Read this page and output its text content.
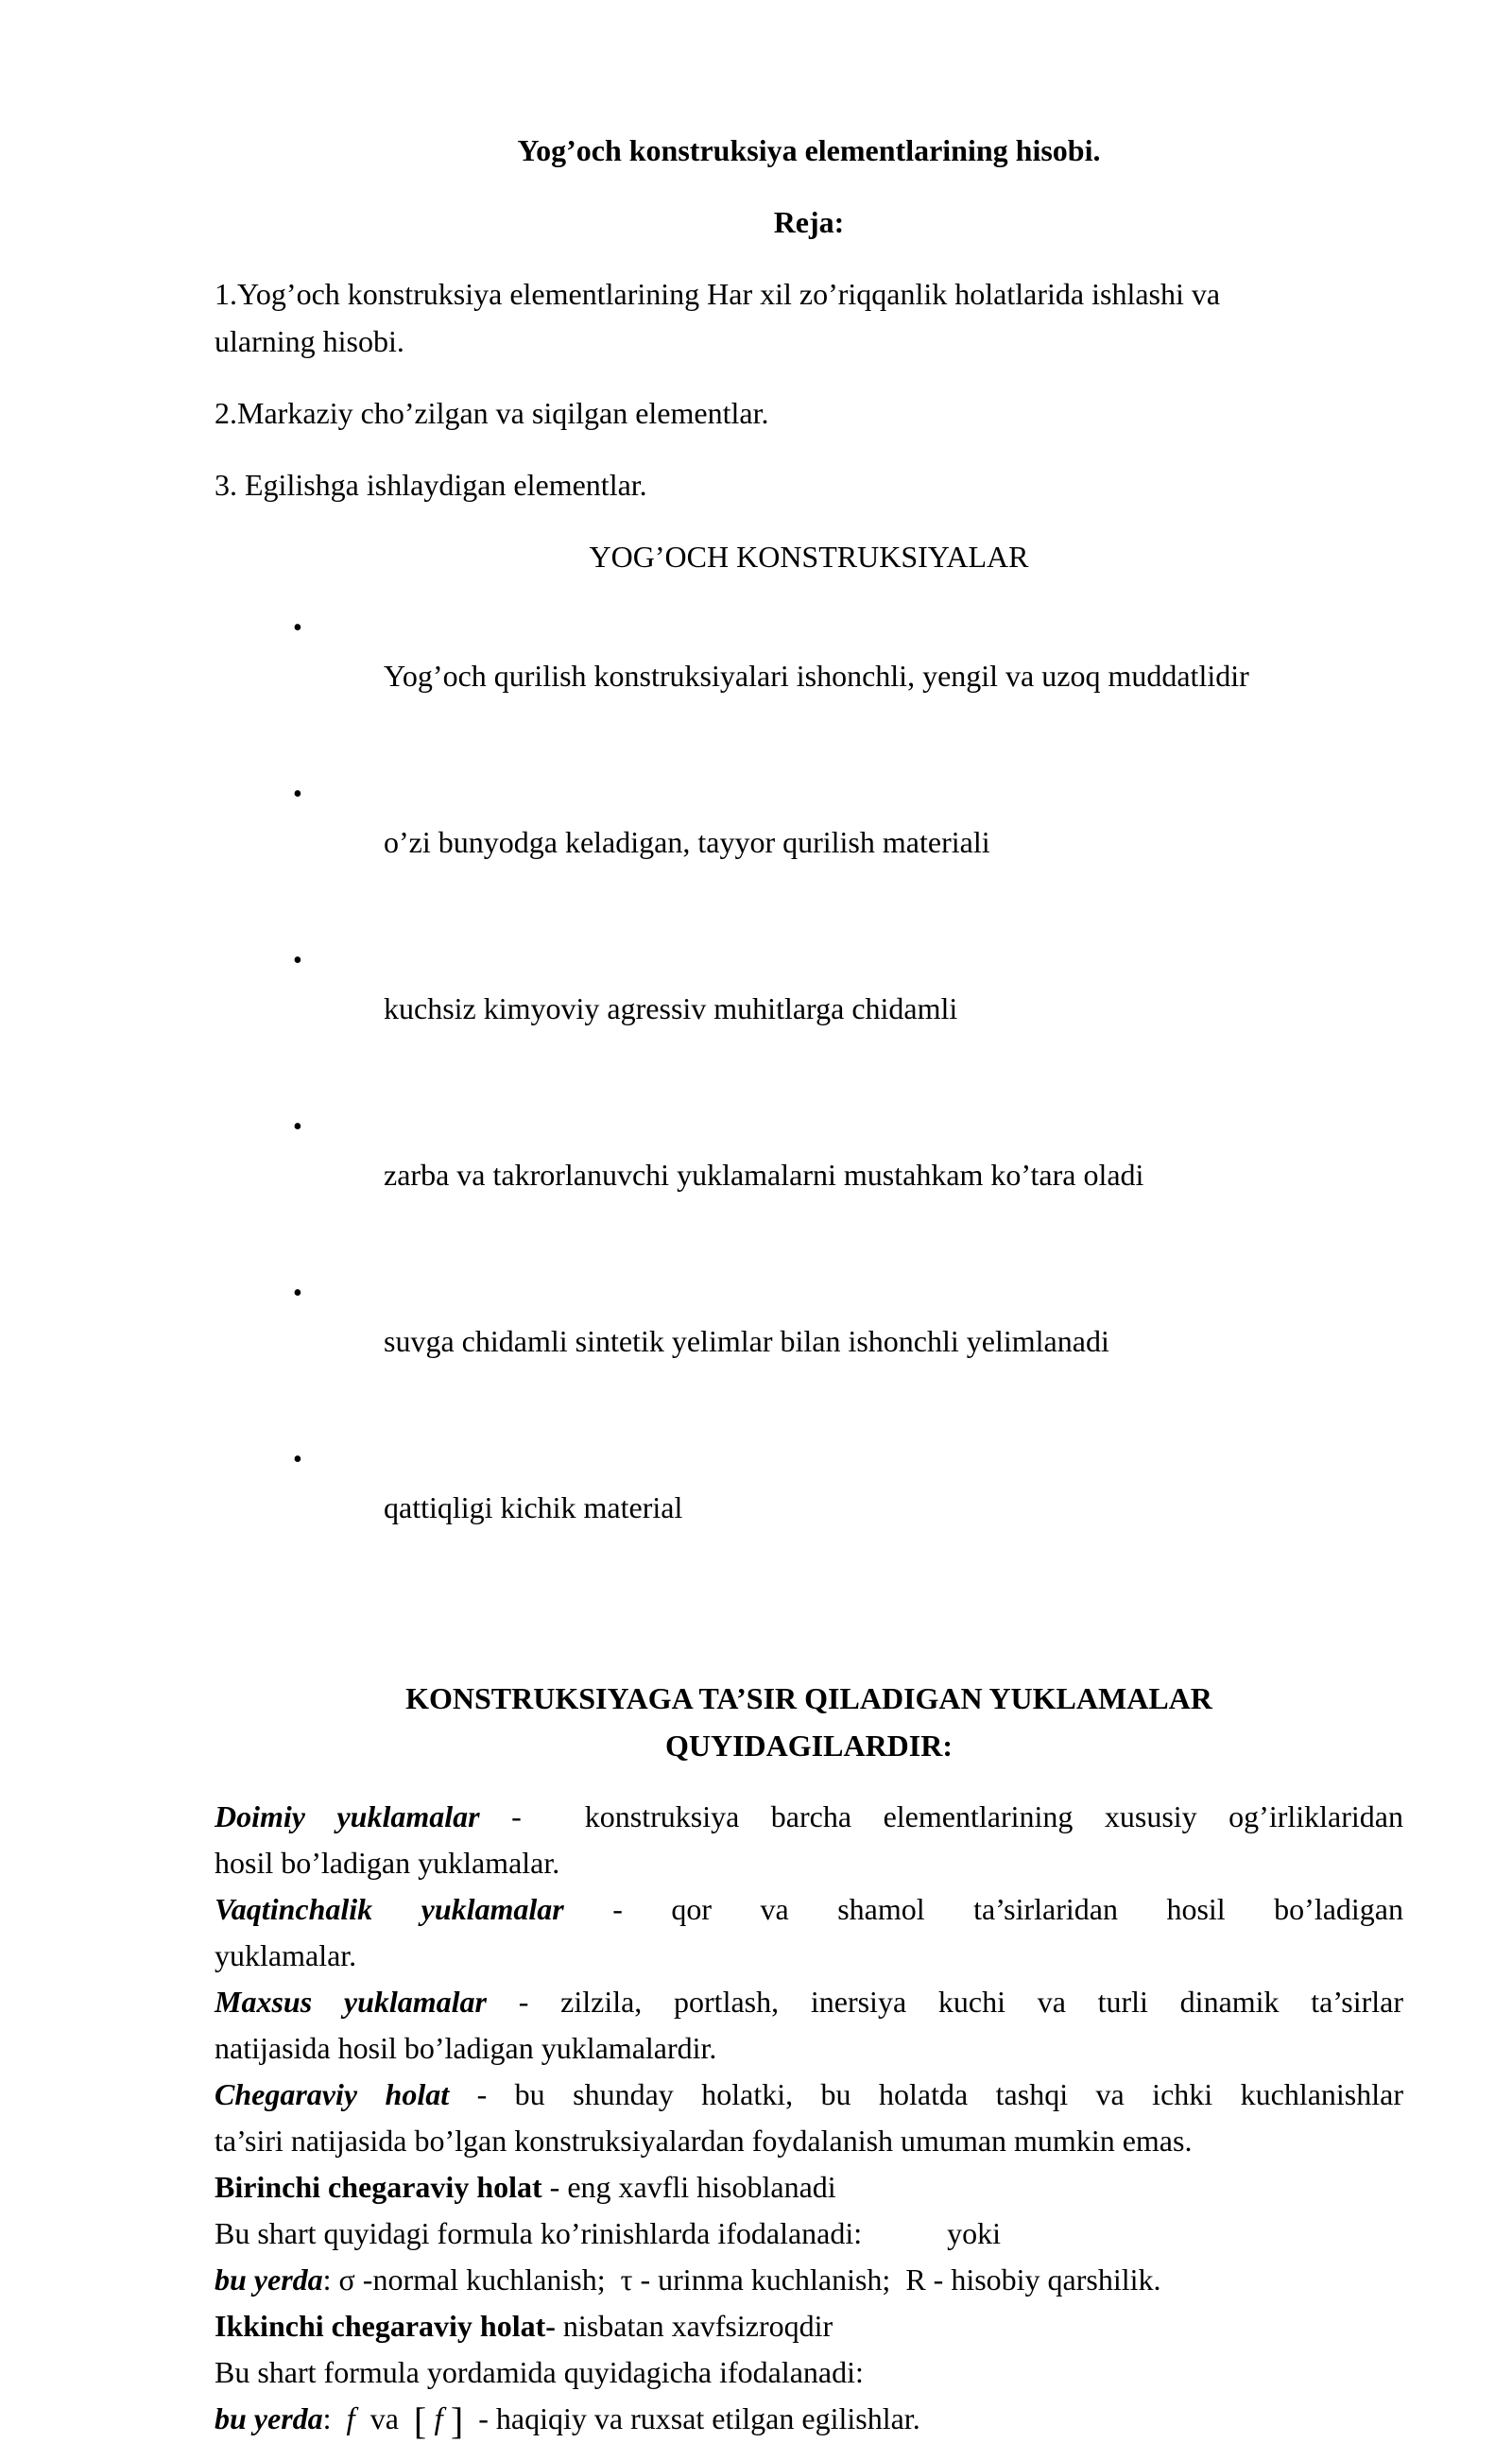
Yog’och konstruksiya elementlarining hisobi.
Reja:
1.Yog’och konstruksiya elementlarining Har xil zo’riqqanlik holatlarida ishlashi va
ularning hisobi.
2.Markaziy cho’zilgan va siqilgan elementlar.
3. Egilishga ishlaydigan elementlar.
YOG’OCH KONSTRUKSIYALAR

•
Yog’och qurilish konstruksiyalari ishonchli, yengil va uzoq muddatlidir

•
o’zi bunyodga keladigan, tayyor qurilish materiali

•
kuchsiz kimyoviy agressiv muhitlarga chidamli

•
zarba va takrorlanuvchi yuklamalarni mustahkam ko’tara oladi

•
suvga chidamli sintetik yelimlar bilan ishonchli yelimlanadi

•
qattiqligi kichik material

KONSTRUKSIYAGA TA’SIR QILADIGAN YUKLAMALAR
QUYIDAGILARDIR:
Doimiy yuklamalar -  konstruksiya barcha elementlarining xususiy og’irliklaridan
hosil bo’ladigan yuklamalar.
Vaqtinchalik yuklamalar - qor va shamol ta’sirlaridan hosil bo’ladigan
yuklamalar.
Maxsus yuklamalar - zilzila, portlash, inersiya kuchi va turli dinamik ta’sirlar
natijasida hosil bo’ladigan yuklamalardir.
Chegaraviy holat - bu shunday holatki, bu holatda tashqi va ichki kuchlanishlar
ta’siri natijasida bo’lgan konstruksiyalardan foydalanish umuman mumkin emas.
Birinchi chegaraviy holat - eng xavfli hisoblanadi
Bu shart quyidagi formula ko’rinishlarda ifodalanadi:	yoki
bu yerda: σ -normal kuchlanish;  τ - urinma kuchlanish;  R - hisobiy qarshilik.
Ikkinchi chegaraviy holat- nisbatan xavfsizroqdir
Bu shart formula yordamida quyidagicha ifodalanadi:
bu yerda:  f  va  [ f ]  - haqiqiy va ruxsat etilgan egilishlar.
